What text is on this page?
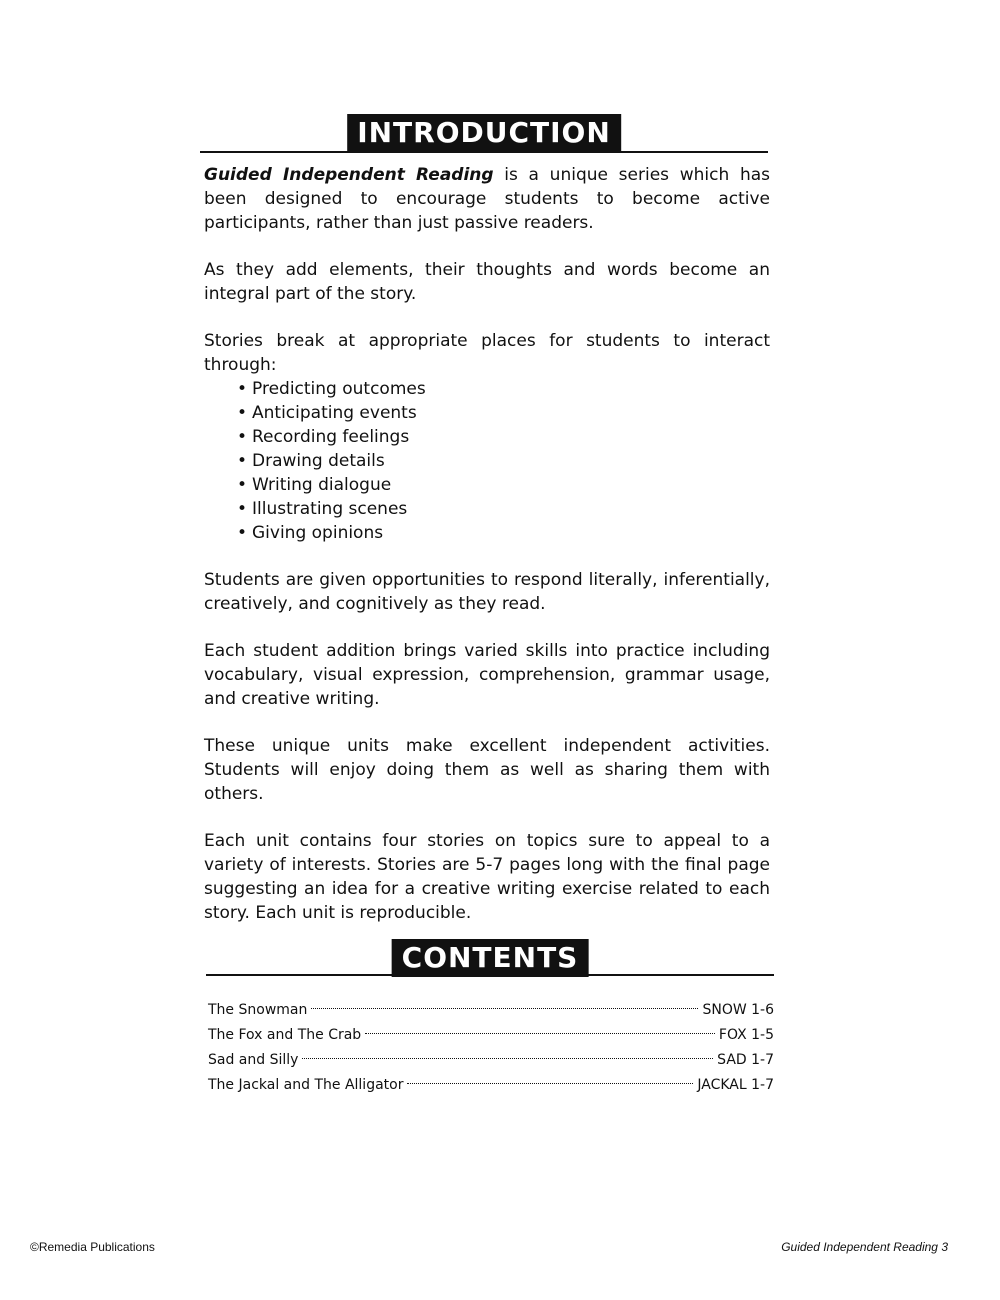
INTRODUCTION

Guided Independent Reading is a unique series which has been designed to encourage students to become active participants, rather than just passive readers.

As they add elements, their thoughts and words become an integral part of the story.

Stories break at appropriate places for students to interact through:

• Predicting outcomes
• Anticipating events
• Recording feelings
• Drawing details
• Writing dialogue
• Illustrating scenes
• Giving opinions

Students are given opportunities to respond literally, inferentially, creatively, and cognitively as they read.

Each student addition brings varied skills into practice including vocabulary, visual expression, comprehension, grammar usage, and creative writing.

These unique units make excellent independent activities. Students will enjoy doing them as well as sharing them with others.

Each unit contains four stories on topics sure to appeal to a variety of interests. Stories are 5-7 pages long with the final page suggesting an idea for a creative writing exercise related to each story. Each unit is reproducible.

CONTENTS
The Snowman	SNOW 1-6
The Fox and The Crab	FOX 1-5
Sad and Silly	SAD 1-7
The Jackal and The Alligator	JACKAL 1-7
©Remedia Publications	Guided Independent Reading 3
